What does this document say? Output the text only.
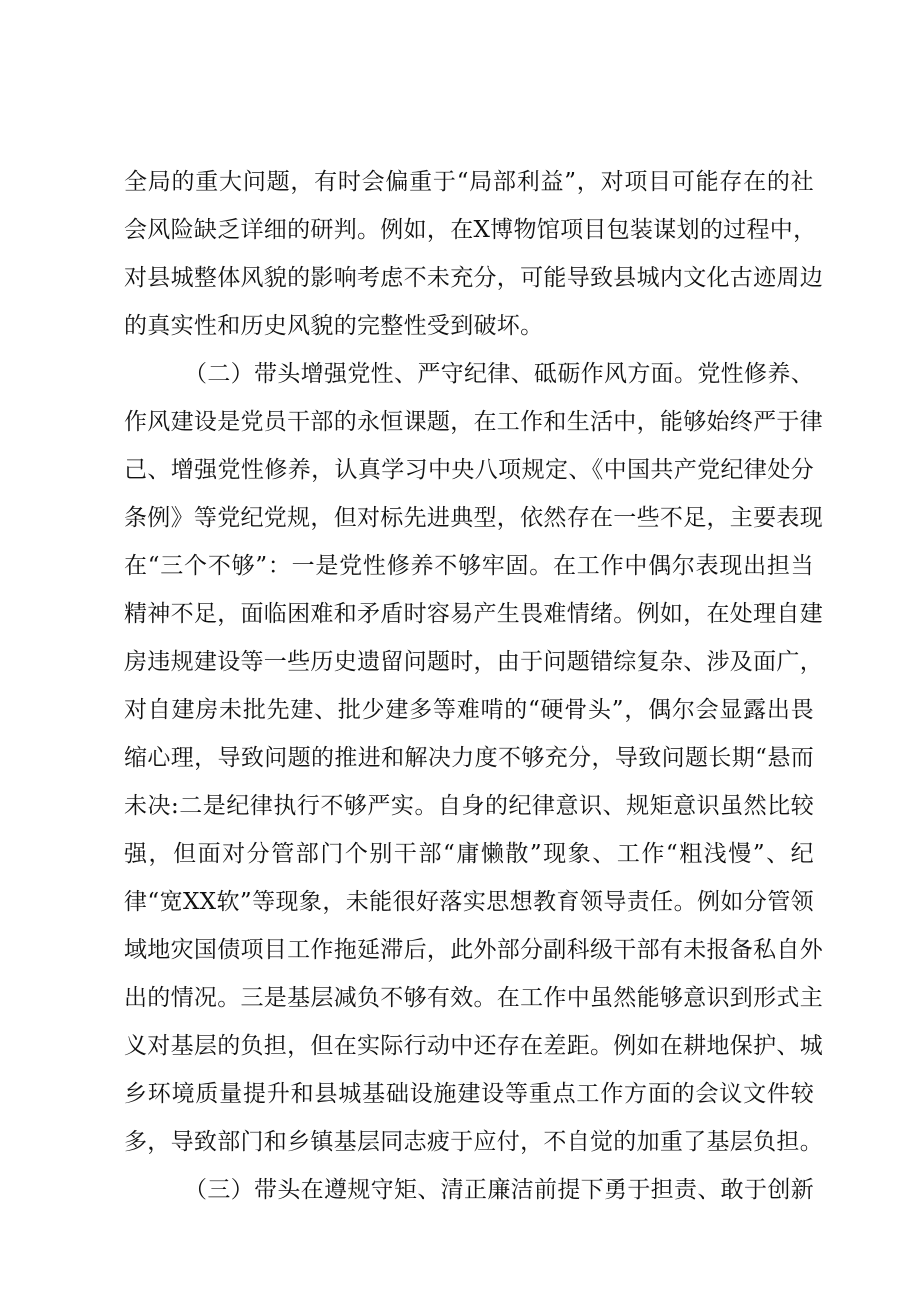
全局的重大问题，有时会偏重于“局部利益”，对项目可能存在的社
会风险缺乏详细的研判。例如，在X博物馆项目包装谋划的过程中，
对县城整体风貌的影响考虑不未充分，可能导致县城内文化古迹周边
的真实性和历史风貌的完整性受到破坏。
（二）带头增强党性、严守纪律、砥砺作风方面。党性修养、
作风建设是党员干部的永恒课题，在工作和生活中，能够始终严于律
己、增强党性修养，认真学习中央八项规定、《中国共产党纪律处分
条例》等党纪党规，但对标先进典型，依然存在一些不足，主要表现
在“三个不够”：一是党性修养不够牢固。在工作中偶尔表现出担当
精神不足，面临困难和矛盾时容易产生畏难情绪。例如，在处理自建
房违规建设等一些历史遗留问题时，由于问题错综复杂、涉及面广，
对自建房未批先建、批少建多等难啃的“硬骨头”，偶尔会显露出畏
缩心理，导致问题的推进和解决力度不够充分，导致问题长期“悬而
未决:二是纪律执行不够严实。自身的纪律意识、规矩意识虽然比较
强，但面对分管部门个别干部“庸懒散”现象、工作“粗浅慢”、纪
律“宽XX软”等现象，未能很好落实思想教育领导责任。例如分管领
域地灾国债项目工作拖延滞后，此外部分副科级干部有未报备私自外
出的情况。三是基层减负不够有效。在工作中虽然能够意识到形式主
义对基层的负担，但在实际行动中还存在差距。例如在耕地保护、城
乡环境质量提升和县城基础设施建设等重点工作方面的会议文件较
多，导致部门和乡镇基层同志疲于应付，不自觉的加重了基层负担。
（三）带头在遵规守矩、清正廉洁前提下勇于担责、敢于创新
